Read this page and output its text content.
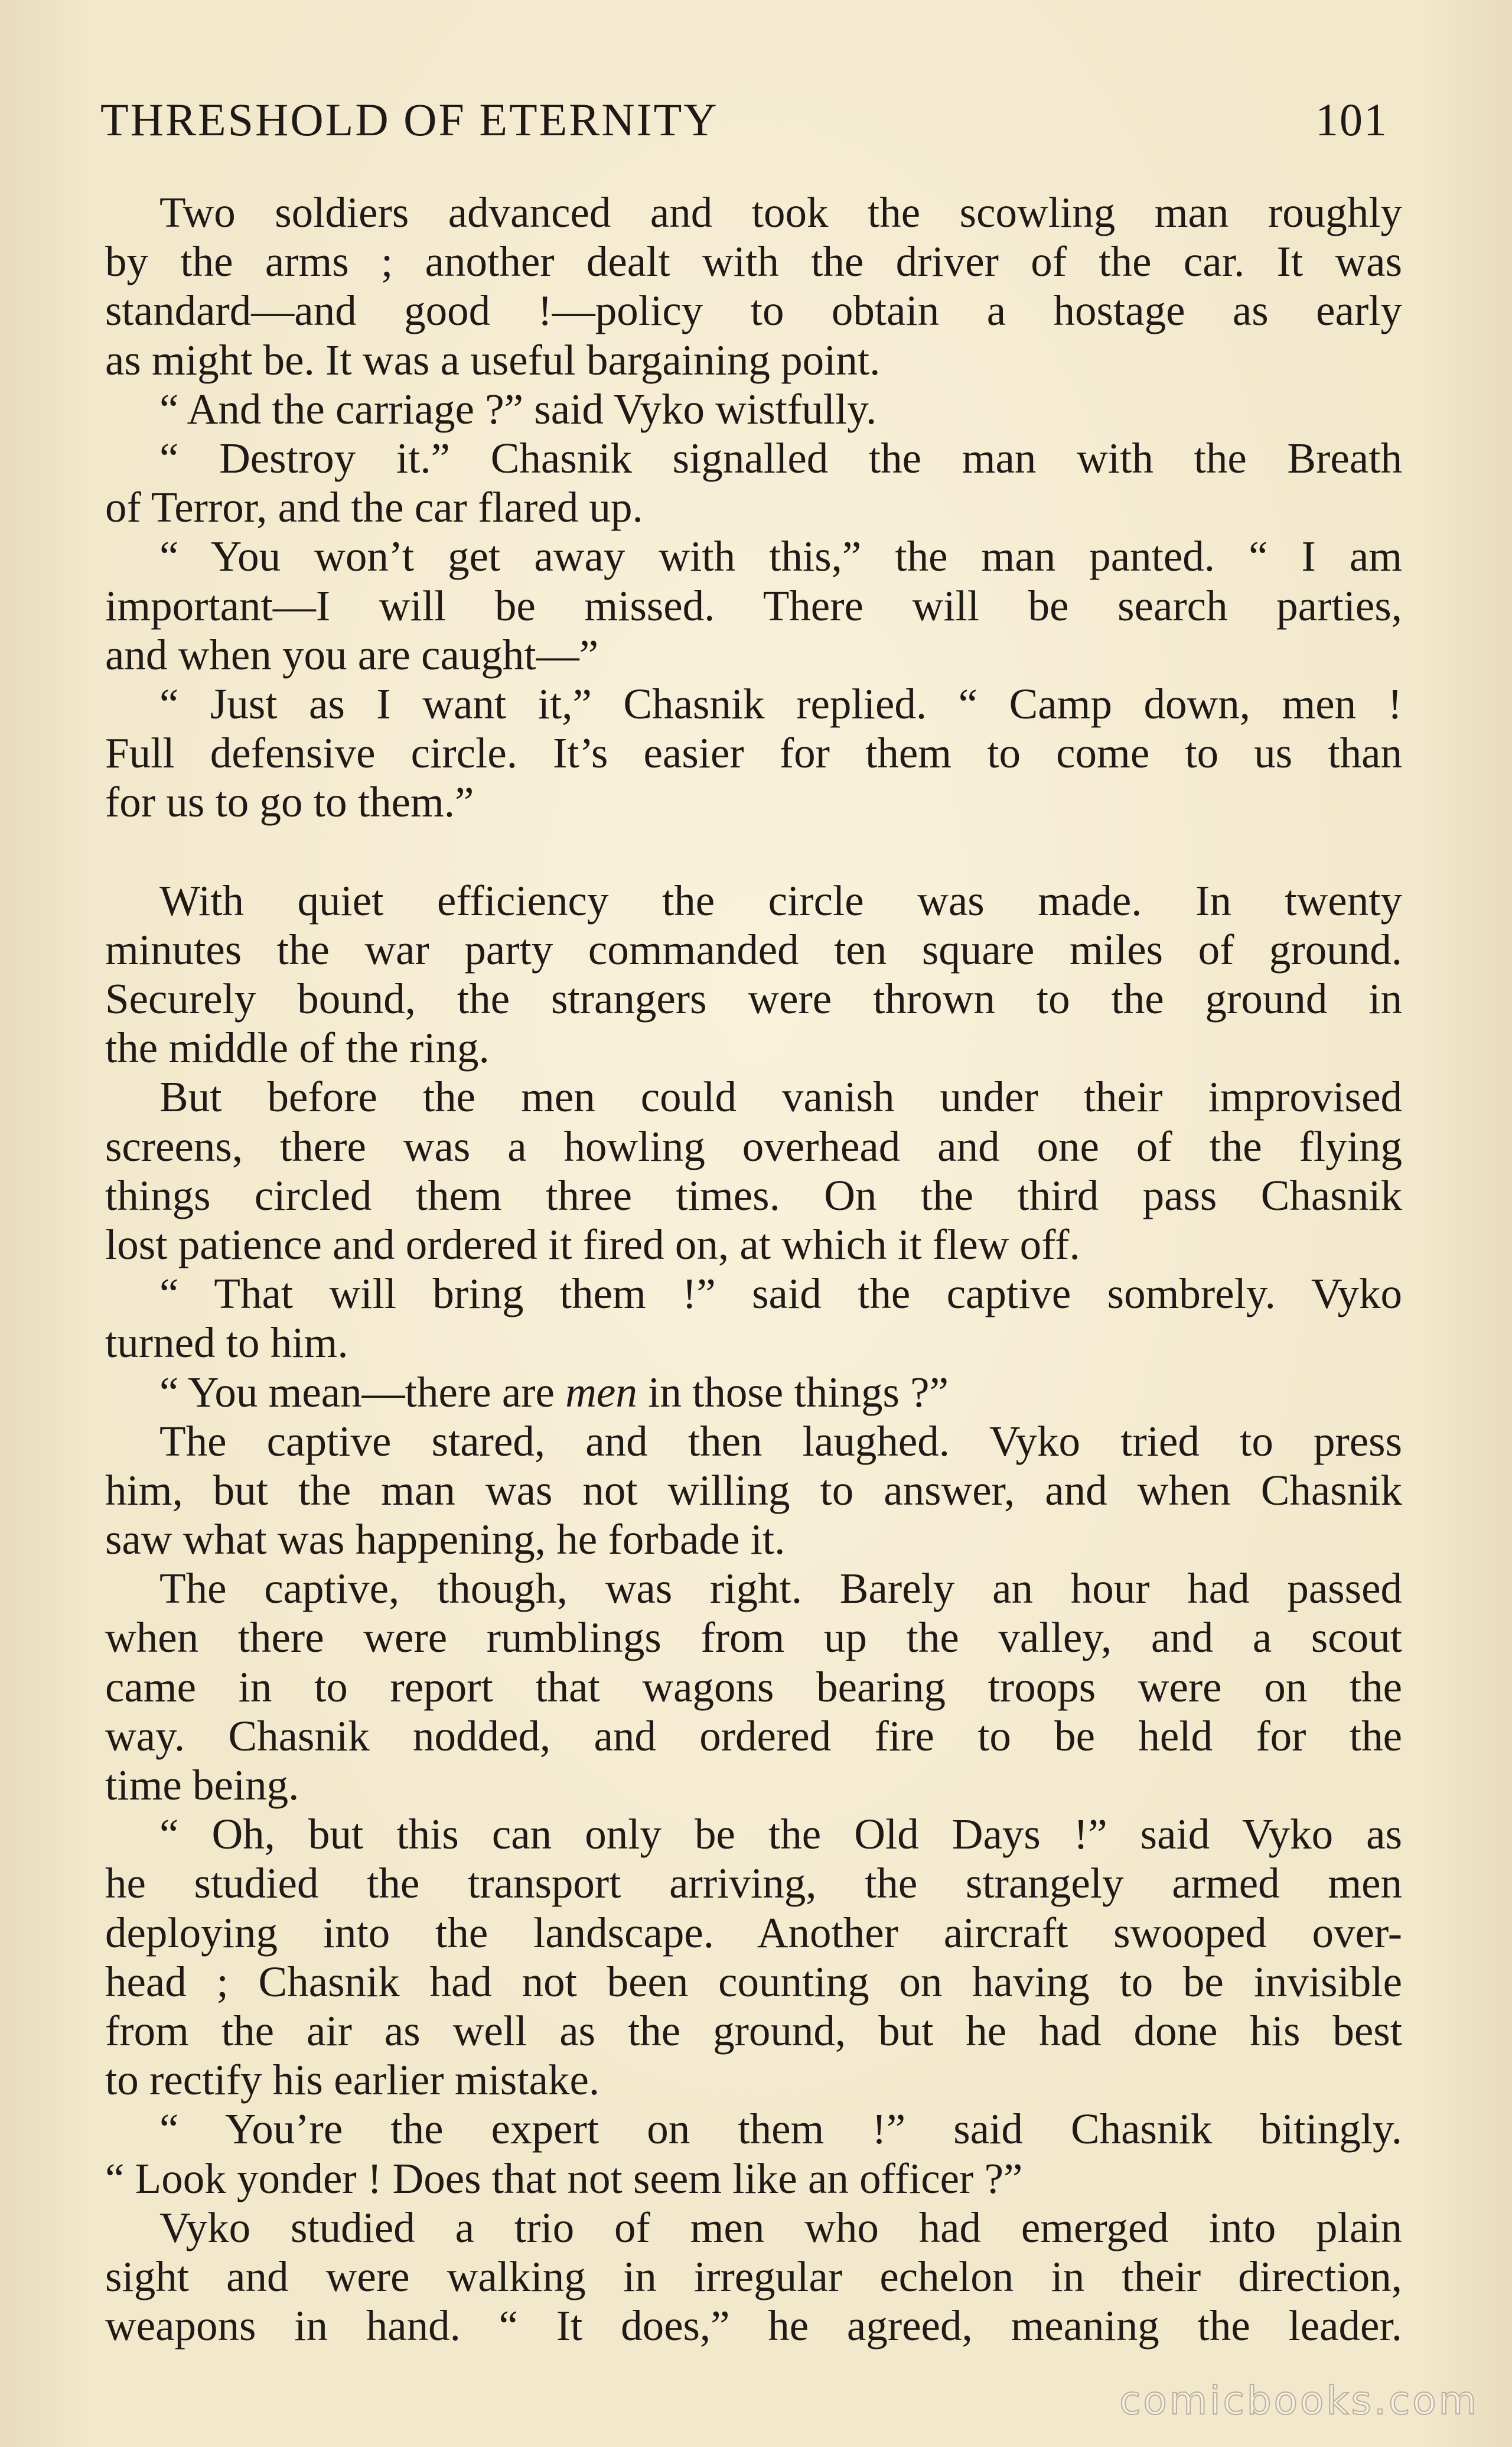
THRESHOLD OF ETERNITY	101
Two soldiers advanced and took the scowling man roughly
by the arms ; another dealt with the driver of the car. It was
standard—and good !—policy to obtain a hostage as early
as might be. It was a useful bargaining point.
“ And the carriage ?” said Vyko wistfully.
“ Destroy it.” Chasnik signalled the man with the Breath
of Terror, and the car flared up.
“ You won’t get away with this,” the man panted. “ I am
important—I will be missed. There will be search parties,
and when you are caught—”
“ Just as I want it,” Chasnik replied. “ Camp down, men !
Full defensive circle. It’s easier for them to come to us than
for us to go to them.”
With quiet efficiency the circle was made. In twenty
minutes the war party commanded ten square miles of ground.
Securely bound, the strangers were thrown to the ground in
the middle of the ring.
But before the men could vanish under their improvised
screens, there was a howling overhead and one of the flying
things circled them three times. On the third pass Chasnik
lost patience and ordered it fired on, at which it flew off.
“ That will bring them !” said the captive sombrely. Vyko
turned to him.
“ You mean—there are men in those things ?”
The captive stared, and then laughed. Vyko tried to press
him, but the man was not willing to answer, and when Chasnik
saw what was happening, he forbade it.
The captive, though, was right. Barely an hour had passed
when there were rumblings from up the valley, and a scout
came in to report that wagons bearing troops were on the
way. Chasnik nodded, and ordered fire to be held for the
time being.
“ Oh, but this can only be the Old Days !” said Vyko as
he studied the transport arriving, the strangely armed men
deploying into the landscape. Another aircraft swooped over-
head ; Chasnik had not been counting on having to be invisible
from the air as well as the ground, but he had done his best
to rectify his earlier mistake.
“ You’re the expert on them !” said Chasnik bitingly.
“ Look yonder ! Does that not seem like an officer ?”
Vyko studied a trio of men who had emerged into plain
sight and were walking in irregular echelon in their direction,
weapons in hand. “ It does,” he agreed, meaning the leader.
comicbooks.com
